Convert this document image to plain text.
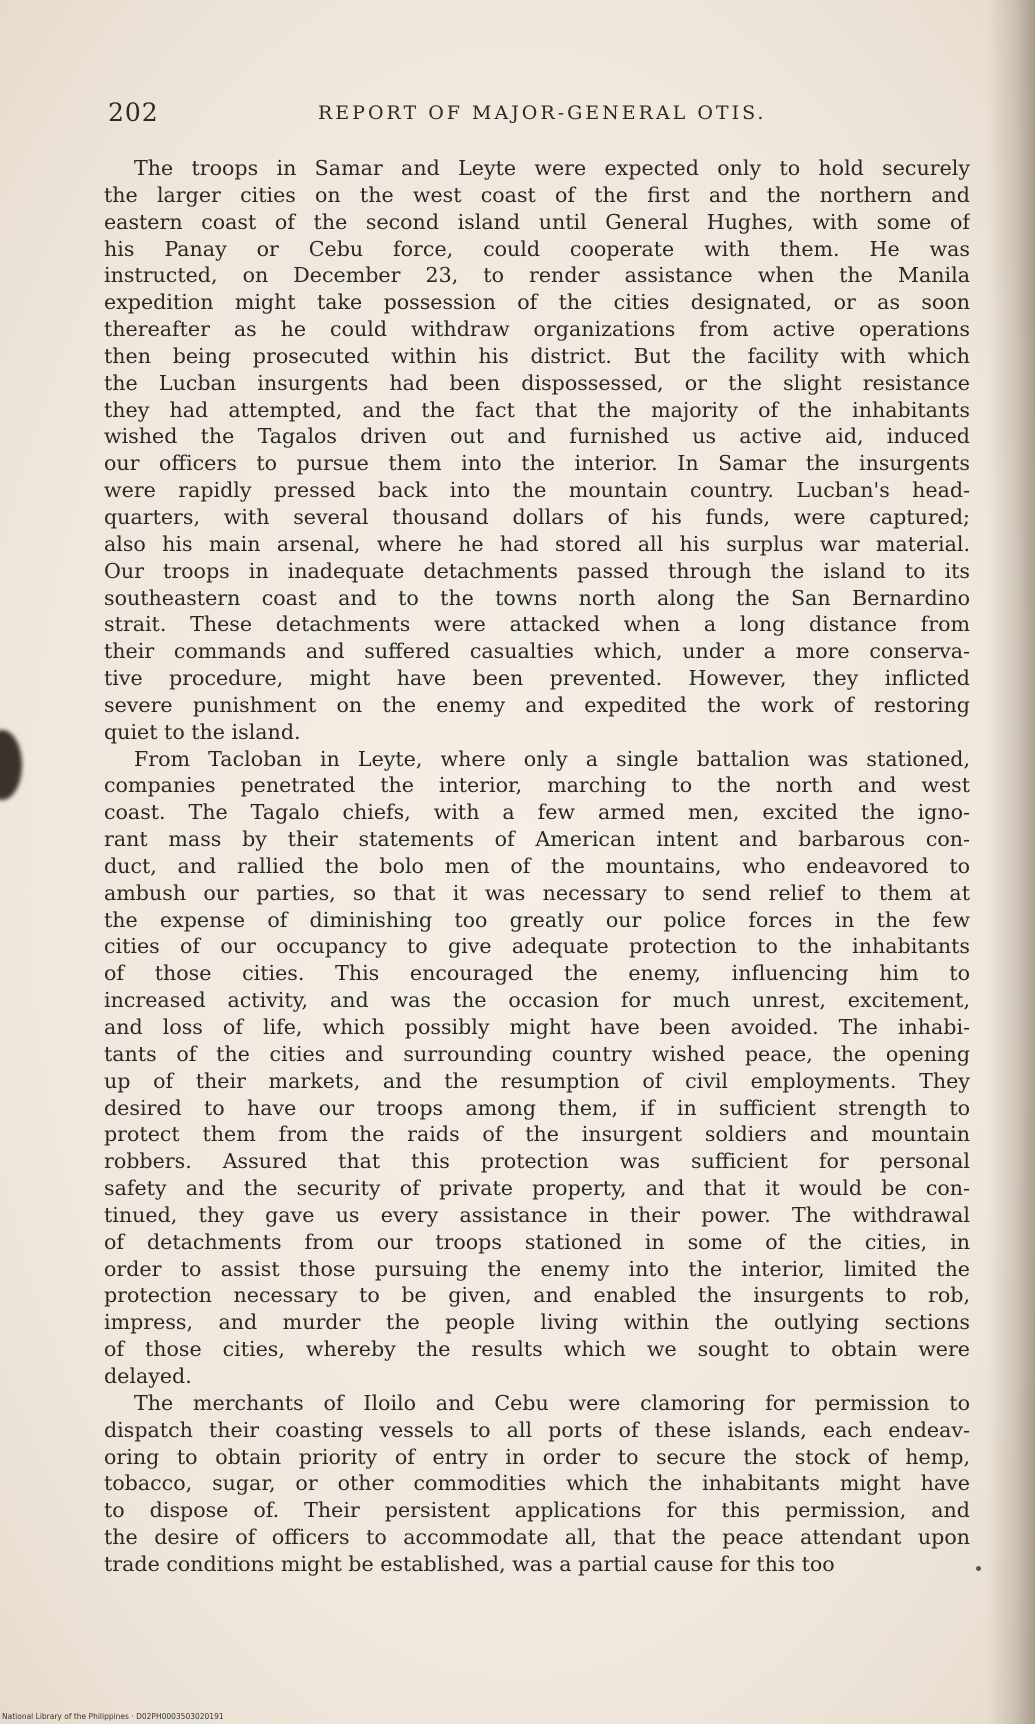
202	REPORT OF MAJOR-GENERAL OTIS.
The troops in Samar and Leyte were expected only to hold securely
the larger cities on the west coast of the first and the northern and
eastern coast of the second island until General Hughes, with some of
his Panay or Cebu force, could cooperate with them. He was
instructed, on December 23, to render assistance when the Manila
expedition might take possession of the cities designated, or as soon
thereafter as he could withdraw organizations from active operations
then being prosecuted within his district. But the facility with which
the Lucban insurgents had been dispossessed, or the slight resistance
they had attempted, and the fact that the majority of the inhabitants
wished the Tagalos driven out and furnished us active aid, induced
our officers to pursue them into the interior. In Samar the insurgents
were rapidly pressed back into the mountain country. Lucban's head-
quarters, with several thousand dollars of his funds, were captured;
also his main arsenal, where he had stored all his surplus war material.
Our troops in inadequate detachments passed through the island to its
southeastern coast and to the towns north along the San Bernardino
strait. These detachments were attacked when a long distance from
their commands and suffered casualties which, under a more conserva-
tive procedure, might have been prevented. However, they inflicted
severe punishment on the enemy and expedited the work of restoring
quiet to the island.
From Tacloban in Leyte, where only a single battalion was stationed,
companies penetrated the interior, marching to the north and west
coast. The Tagalo chiefs, with a few armed men, excited the igno-
rant mass by their statements of American intent and barbarous con-
duct, and rallied the bolo men of the mountains, who endeavored to
ambush our parties, so that it was necessary to send relief to them at
the expense of diminishing too greatly our police forces in the few
cities of our occupancy to give adequate protection to the inhabitants
of those cities. This encouraged the enemy, influencing him to
increased activity, and was the occasion for much unrest, excitement,
and loss of life, which possibly might have been avoided. The inhabi-
tants of the cities and surrounding country wished peace, the opening
up of their markets, and the resumption of civil employments. They
desired to have our troops among them, if in sufficient strength to
protect them from the raids of the insurgent soldiers and mountain
robbers. Assured that this protection was sufficient for personal
safety and the security of private property, and that it would be con-
tinued, they gave us every assistance in their power. The withdrawal
of detachments from our troops stationed in some of the cities, in
order to assist those pursuing the enemy into the interior, limited the
protection necessary to be given, and enabled the insurgents to rob,
impress, and murder the people living within the outlying sections
of those cities, whereby the results which we sought to obtain were
delayed.
The merchants of Iloilo and Cebu were clamoring for permission to
dispatch their coasting vessels to all ports of these islands, each endeav-
oring to obtain priority of entry in order to secure the stock of hemp,
tobacco, sugar, or other commodities which the inhabitants might have
to dispose of. Their persistent applications for this permission, and
the desire of officers to accommodate all, that the peace attendant upon
trade conditions might be established, was a partial cause for this too
National Library of the Philippines · D02PH0003503020191
